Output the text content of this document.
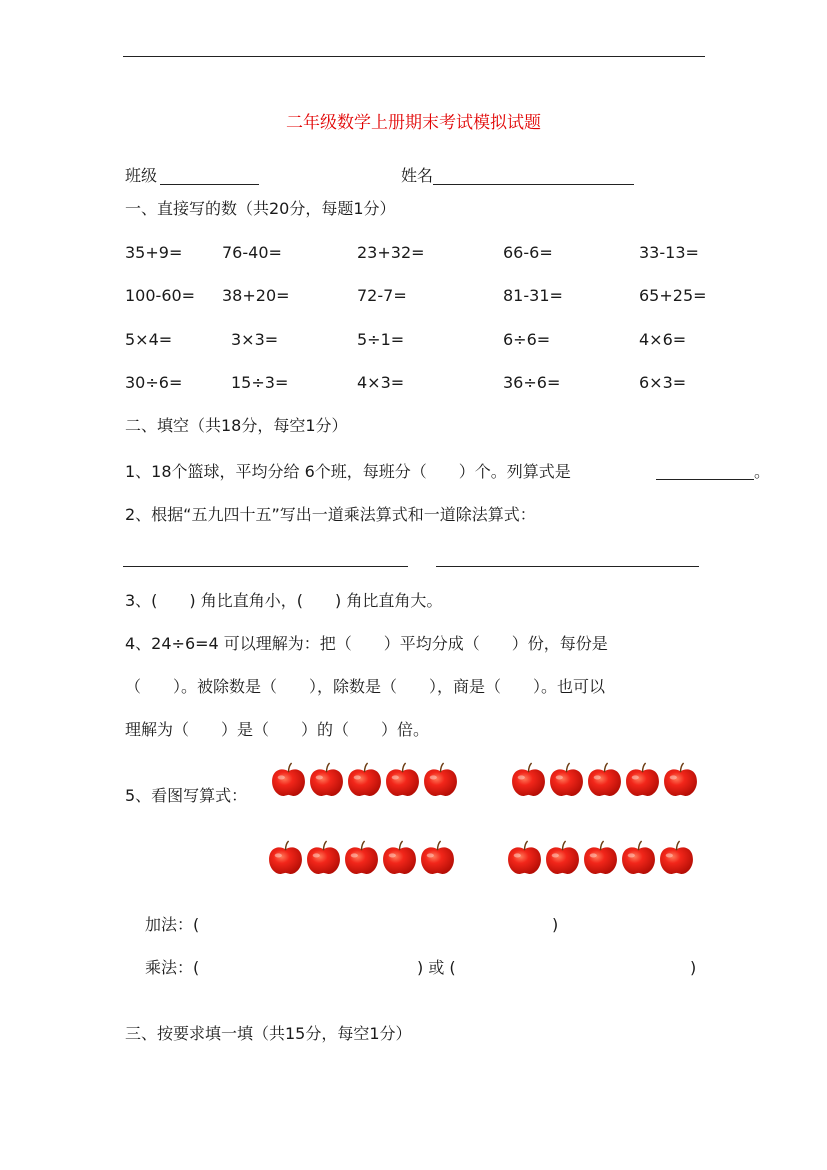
二年级数学上册期末考试模拟试题
班级	姓名
一、直接写的数（共20分，每题1分）
35+9= 76-40=	23+32=	66-6=	33-13=
100-60= 38+20=	72-7=	81-31=	65+25=
5×4=	3×3=	5÷1=	6÷6=	4×6=
30÷6=	15÷3=	4×3=	36÷6=	6×3=
二、填空（共18分，每空1分）
1、18个篮球，平均分给 6个班，每班分（　　）个。列算式是	。
2、根据“五九四十五”写出一道乘法算式和一道除法算式：
3、(　　) 角比直角小，(　　) 角比直角大。
4、24÷6=4 可以理解为：把（　　）平均分成（　　）份，每份是
（　　）。被除数是（　　），除数是（　　），商是（　　）。也可以
理解为（　　）是（　　）的（　　）倍。
5、看图写算式：
加法：(	)
乘法：(	) 或 (	)
三、按要求填一填（共15分，每空1分）
